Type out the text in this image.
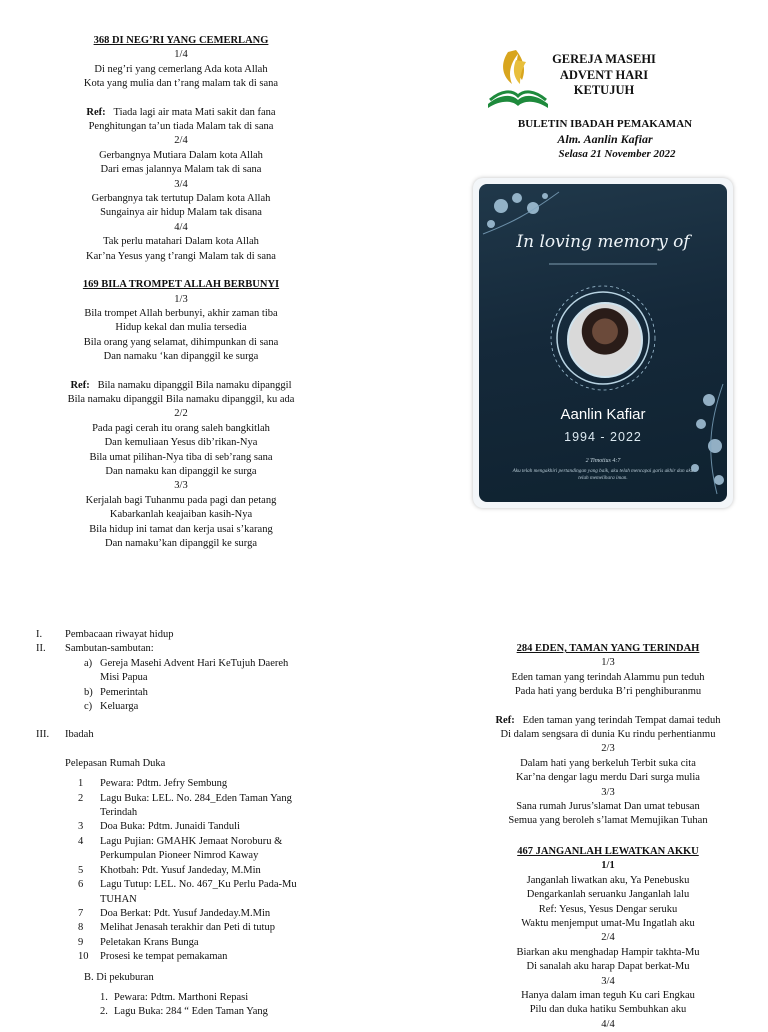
368 DI NEG’RI YANG CEMERLANG
1/4
Di neg’ri yang cemerlang Ada kota Allah
Kota yang mulia dan t’rang malam tak di sana
Ref: Tiada lagi air mata Mati sakit dan fana
Penghitungan ta’un tiada Malam tak di sana
2/4
Gerbangnya Mutiara Dalam kota Allah
Dari emas jalannya Malam tak di sana
3/4
Gerbangnya tak tertutup Dalam kota Allah
Sungainya air hidup Malam tak disana
4/4
Tak perlu matahari Dalam kota Allah
Kar’na Yesus yang t’rangi Malam tak di sana
169 BILA TROMPET ALLAH BERBUNYI
1/3
Bila trompet Allah berbunyi, akhir zaman tiba
Hidup kekal dan mulia tersedia
Bila orang yang selamat, dihimpunkan di sana
Dan namaku ‘kan dipanggil ke surga
Ref: Bila namaku dipanggil Bila namaku dipanggil
Bila namaku dipanggil Bila namaku dipanggil, ku ada
2/2
Pada pagi cerah itu orang saleh bangkitlah
Dan kemuliaan Yesus dib’rikan-Nya
Bila umat pilihan-Nya tiba di seb’rang sana
Dan namaku kan dipanggil ke surga
3/3
Kerjalah bagi Tuhanmu pada pagi dan petang
Kabarkanlah keajaiban kasih-Nya
Bila hidup ini tamat dan kerja usai s’karang
Dan namaku’kan dipanggil ke surga
GEREJA MASEHI
ADVENT HARI
KETUJUH
BULETIN IBADAH PEMAKAMAN
Alm. Aanlin Kafiar
Selasa 21 November 2022
In loving memory of
Aanlin Kafiar
1994 - 2022
2 Timotius 4:7
Aku telah mengakhiri pertandingan yang baik, aku telah mencapai garis akhir dan aku telah memelihara iman.
284 EDEN, TAMAN YANG TERINDAH
1/3
Eden taman yang terindah Alammu pun teduh
Pada hati yang berduka B’ri penghiburanmu
Ref: Eden taman yang terindah Tempat damai teduh
Di dalam sengsara di dunia Ku rindu perhentianmu
2/3
Dalam hati yang berkeluh Terbit suka cita
Kar’na dengar lagu merdu Dari surga mulia
3/3
Sana rumah Jurus’slamat Dan umat tebusan
Semua yang beroleh s’lamat Memujikan Tuhan
467 JANGANLAH LEWATKAN AKKU
1/1
Janganlah liwatkan aku, Ya Penebusku
Dengarkanlah seruanku Janganlah lalu
Ref: Yesus, Yesus Dengar seruku
Waktu menjemput umat-Mu Ingatlah aku
2/4
Biarkan aku menghadap Hampir takhta-Mu
Di sanalah aku harap Dapat berkat-Mu
3/4
Hanya dalam iman teguh Ku cari Engkau
Pilu dan duka hatiku Sembuhkan aku
4/4
I.	Pembacaan riwayat hidup
II.	Sambutan-sambutan:
a) Gereja Masehi Advent Hari KeTujuh Daereh
Misi Papua
b) Pemerintah
c) Keluarga
III.	Ibadah
Pelepasan Rumah Duka
1	Pewara: Pdtm. Jefry Sembung
2	Lagu Buka: LEL. No. 284_Eden Taman Yang Terindah
3	Doa Buka: Pdtm. Junaidi Tanduli
4	Lagu Pujian: GMAHK Jemaat Noroburu & Perkumpulan Pioneer Nimrod Kaway
5	Khotbah: Pdt. Yusuf Jandeday, M.Min
6	Lagu Tutup: LEL. No. 467_Ku Perlu Pada-Mu TUHAN
7	Doa Berkat: Pdt. Yusuf Jandeday.M.Min
8	Melihat Jenasah terakhir dan Peti di tutup
9	Peletakan Krans Bunga
10	Prosesi ke tempat pemakaman
B. Di pekuburan
1. Pewara: Pdtm. Marthoni Repasi
2. Lagu Buka: 284 “ Eden Taman Yang
